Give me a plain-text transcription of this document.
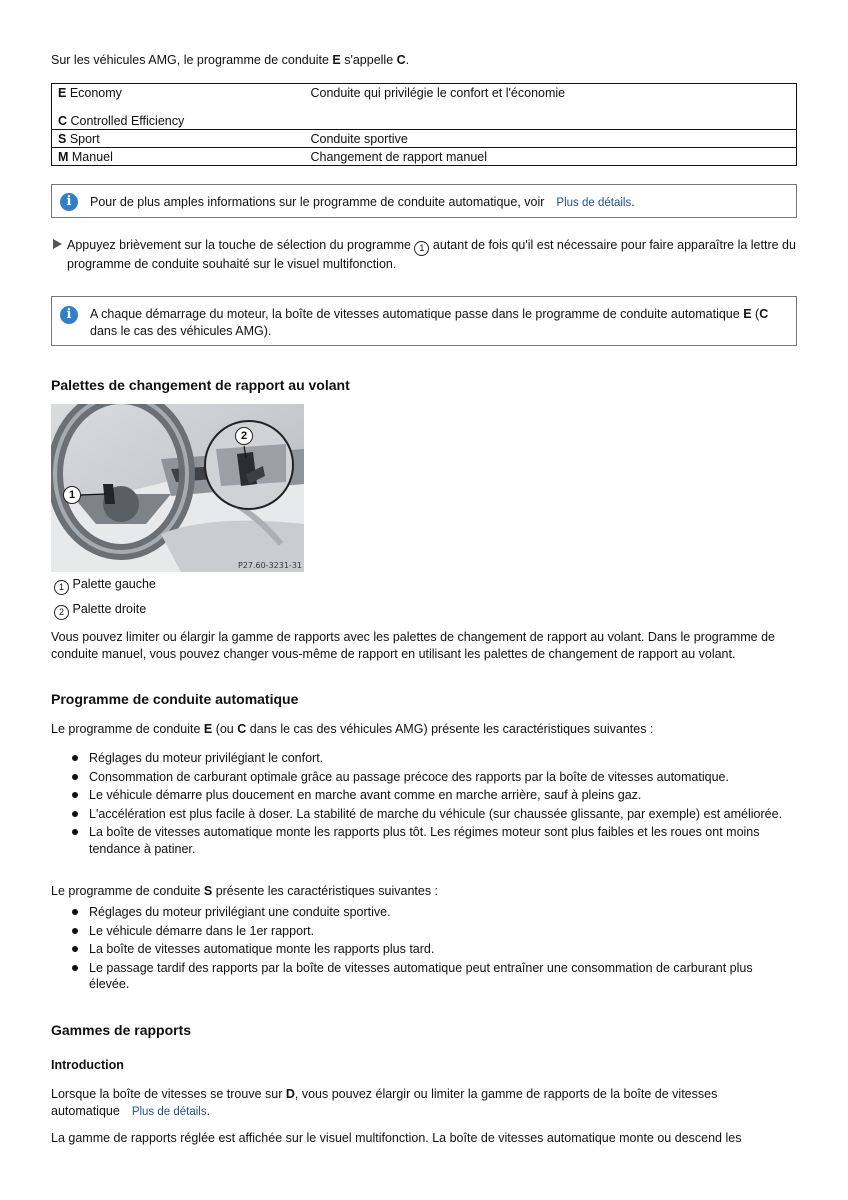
Sur les véhicules AMG, le programme de conduite E s'appelle C.

E Economy	Conduite qui privilégie le confort et l'économie
C Controlled Efficiency	
S Sport	Conduite sportive
M Manuel	Changement de rapport manuel
i	Pour de plus amples informations sur le programme de conduite automatique, voir Plus de détails.

Appuyez brièvement sur la touche de sélection du programme 1 autant de fois qu'il est nécessaire pour faire apparaître la lettre du programme de conduite souhaité sur le visuel multifonction.

i	A chaque démarrage du moteur, la boîte de vitesses automatique passe dans le programme de conduite automatique E (C dans le cas des véhicules AMG).

Palettes de changement de rapport au volant
2
1
P27.60-3231-31

1 Palette gauche

2 Palette droite

Vous pouvez limiter ou élargir la gamme de rapports avec les palettes de changement de rapport au volant. Dans le programme de conduite manuel, vous pouvez changer vous-même de rapport en utilisant les palettes de changement de rapport au volant.

Programme de conduite automatique

Le programme de conduite E (ou C dans le cas des véhicules AMG) présente les caractéristiques suivantes :

Réglages du moteur privilégiant le confort.
Consommation de carburant optimale grâce au passage précoce des rapports par la boîte de vitesses automatique.
Le véhicule démarre plus doucement en marche avant comme en marche arrière, sauf à pleins gaz.
L'accélération est plus facile à doser. La stabilité de marche du véhicule (sur chaussée glissante, par exemple) est améliorée.
La boîte de vitesses automatique monte les rapports plus tôt. Les régimes moteur sont plus faibles et les roues ont moins tendance à patiner.

Le programme de conduite S présente les caractéristiques suivantes :

Réglages du moteur privilégiant une conduite sportive.
Le véhicule démarre dans le 1er rapport.
La boîte de vitesses automatique monte les rapports plus tard.
Le passage tardif des rapports par la boîte de vitesses automatique peut entraîner une consommation de carburant plus élevée.
Gammes de rapports
Introduction

Lorsque la boîte de vitesses se trouve sur D, vous pouvez élargir ou limiter la gamme de rapports de la boîte de vitesses automatique Plus de détails.

La gamme de rapports réglée est affichée sur le visuel multifonction. La boîte de vitesses automatique monte ou descend les
